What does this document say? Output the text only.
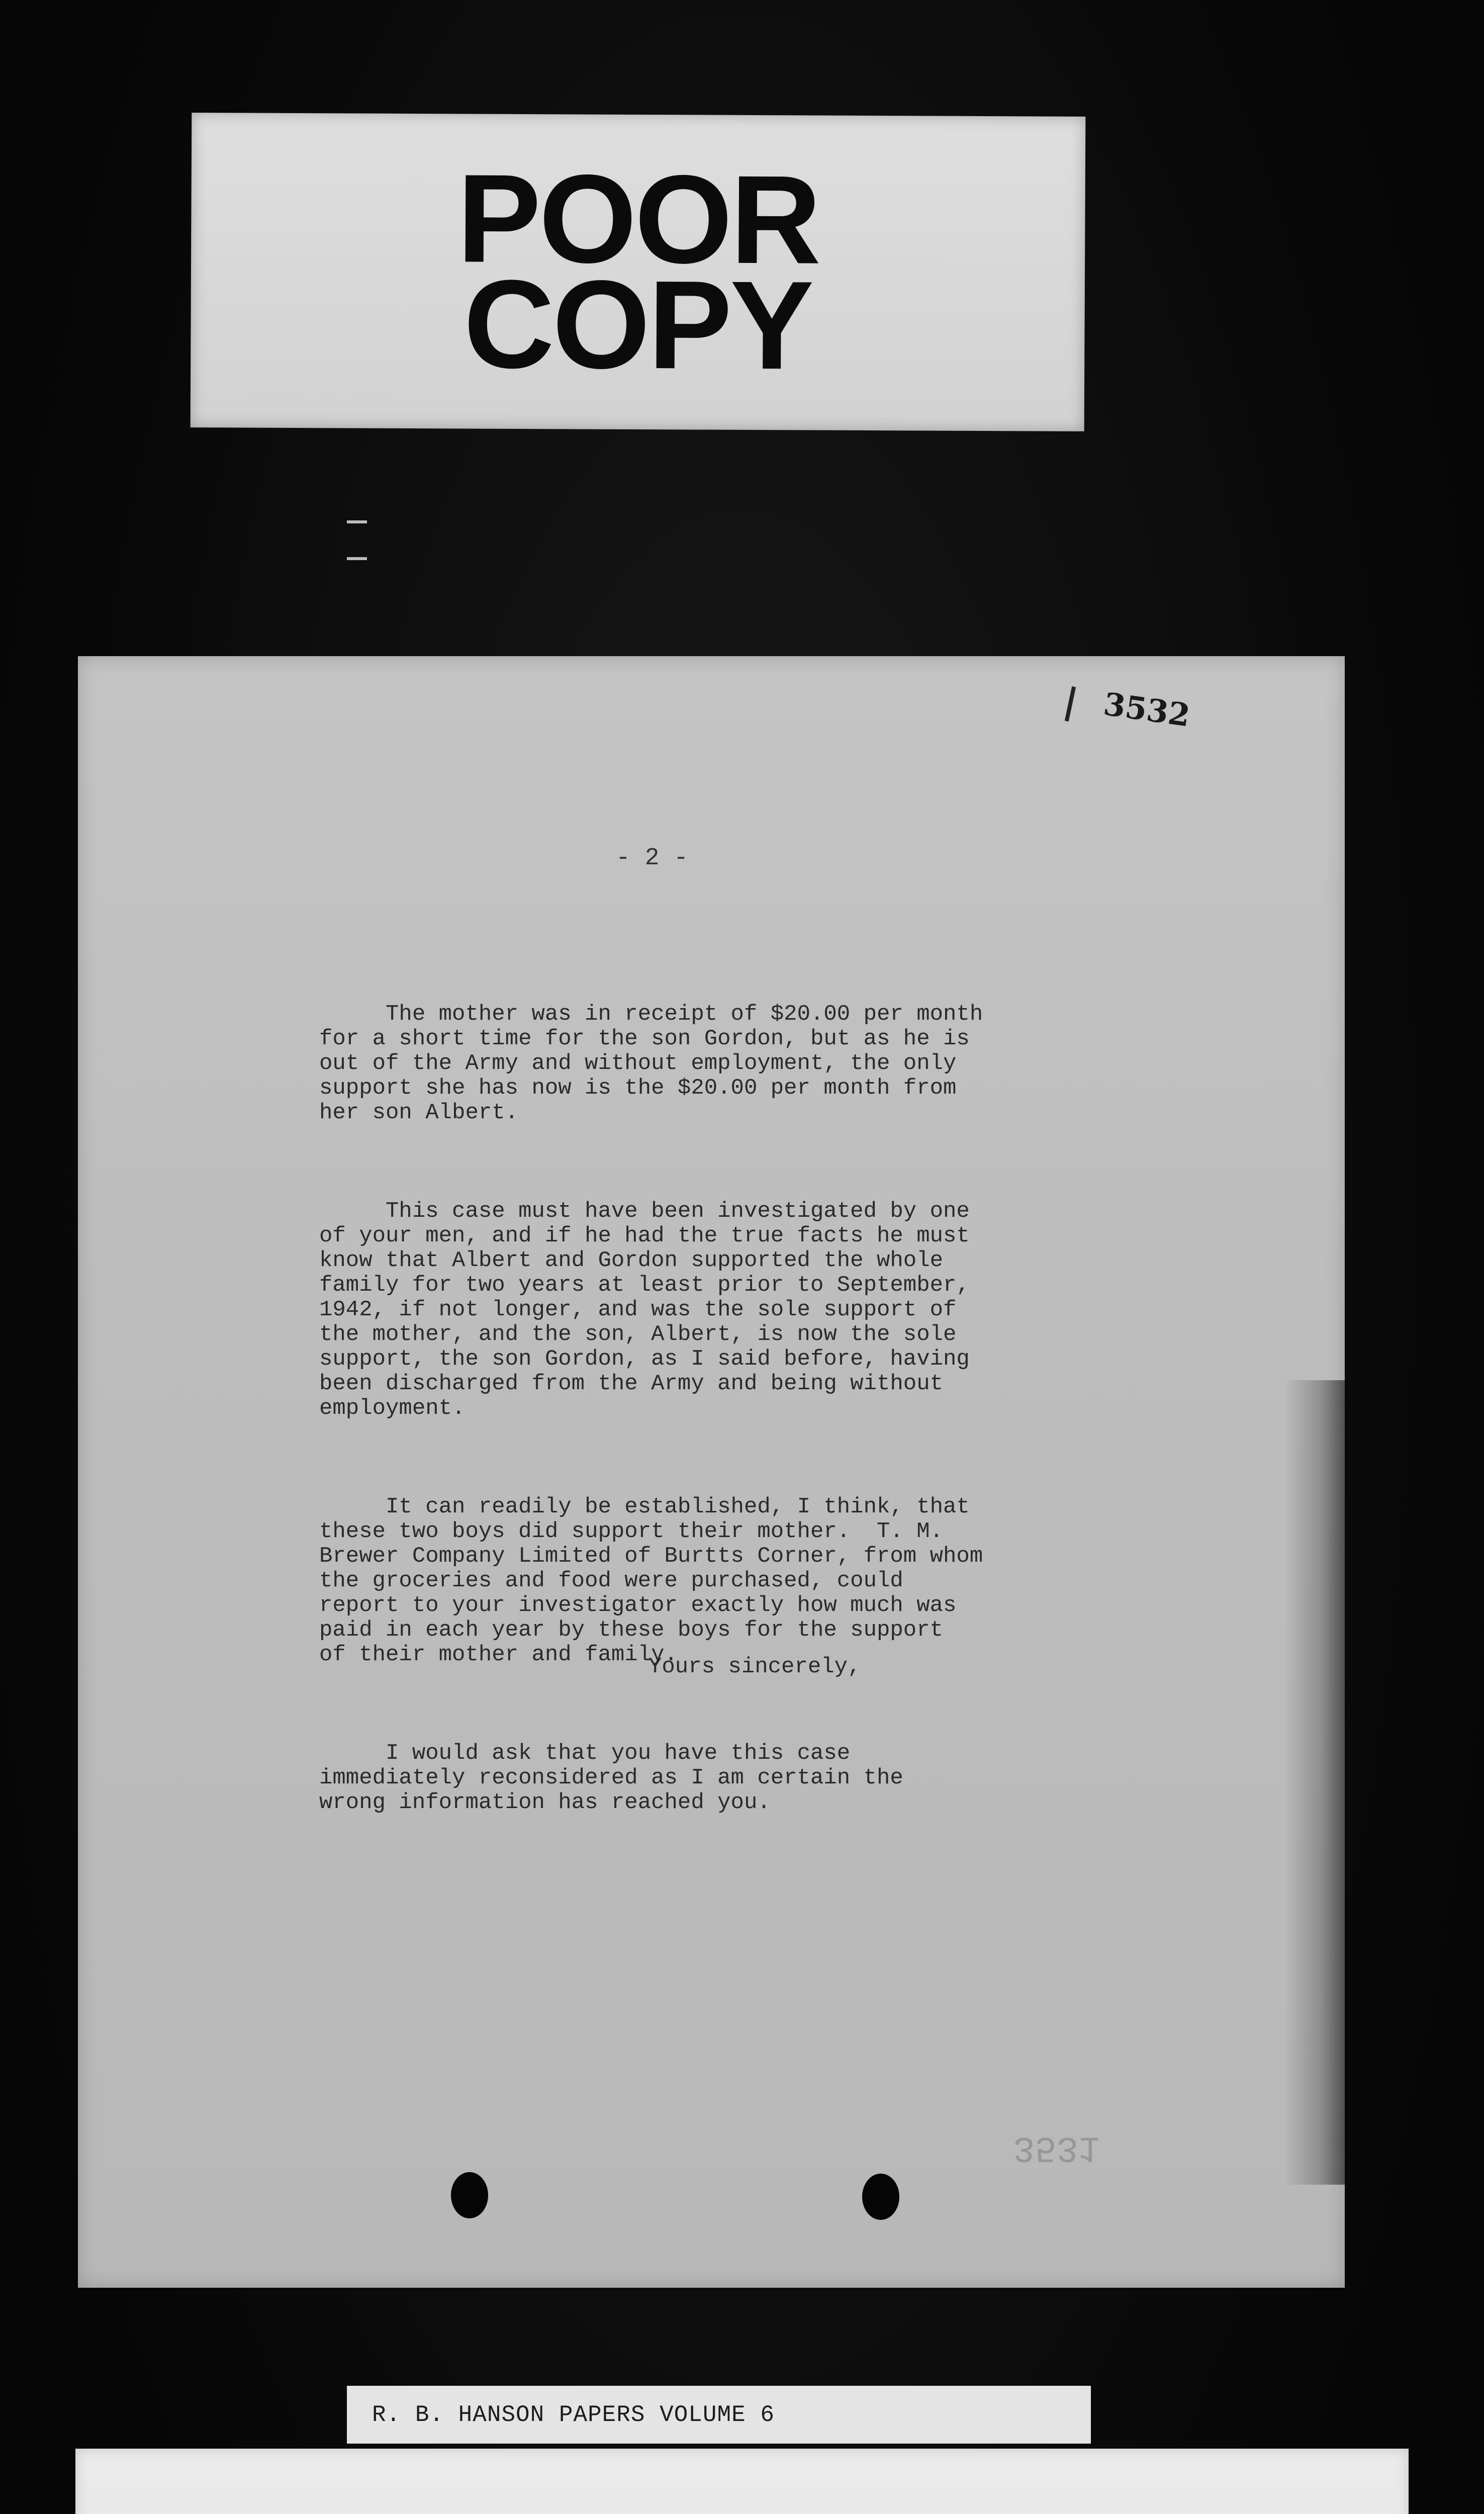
POOR
COPY
3532
- 2 -

The mother was in receipt of $20.00 per month
for a short time for the son Gordon, but as he is
out of the Army and without employment, the only
support she has now is the $20.00 per month from
her son Albert.

This case must have been investigated by one
of your men, and if he had the true facts he must
know that Albert and Gordon supported the whole
family for two years at least prior to September,
1942, if not longer, and was the sole support of
the mother, and the son, Albert, is now the sole
support, the son Gordon, as I said before, having
been discharged from the Army and being without
employment.

It can readily be established, I think, that
these two boys did support their mother.  T. M.
Brewer Company Limited of Burtts Corner, from whom
the groceries and food were purchased, could
report to your investigator exactly how much was
paid in each year by these boys for the support
of their mother and family.

I would ask that you have this case
immediately reconsidered as I am certain the
wrong information has reached you.

Yours sincerely,
3531
R. B. HANSON PAPERS VOLUME 6
